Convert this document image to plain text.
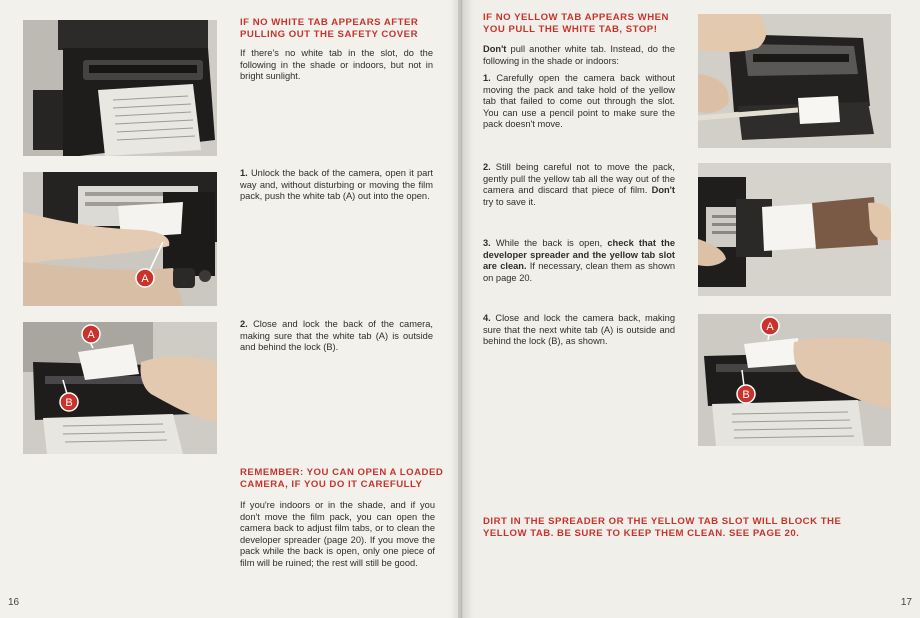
A
A
B
IF NO WHITE TAB APPEARS AFTER
PULLING OUT THE SAFETY COVER

If there's no white tab in the slot, do the following in the shade or indoors, but not in bright sunlight.

1. Unlock the back of the camera, open it part way and, without disturbing or moving the film pack, push the white tab (A) out into the open.

2. Close and lock the back of the camera, making sure that the white tab (A) is outside and behind the lock (B).

REMEMBER: YOU CAN OPEN A LOADED
CAMERA, IF YOU DO IT CAREFULLY

If you're indoors or in the shade, and if you don't move the film pack, you can open the camera back to adjust film tabs, or to clean the developer spreader (page 20). If you move the pack while the back is open, only one piece of film will be ruined; the rest will still be good.

16
IF NO YELLOW TAB APPEARS WHEN
YOU PULL THE WHITE TAB, STOP!

Don't pull another white tab. Instead, do the following in the shade or indoors:

1. Carefully open the camera back without moving the pack and take hold of the yellow tab that failed to come out through the slot. You can use a pencil point to make sure the pack doesn't move.

2. Still being careful not to move the pack, gently pull the yellow tab all the way out of the camera and discard that piece of film. Don't try to save it.

3. While the back is open, check that the developer spreader and the yellow tab slot are clean. If necessary, clean them as shown on page 20.

4. Close and lock the camera back, making sure that the next white tab (A) is outside and behind the lock (B), as shown.

DIRT IN THE SPREADER OR THE YELLOW TAB SLOT WILL BLOCK THE
YELLOW TAB. BE SURE TO KEEP THEM CLEAN. SEE PAGE 20.
A
B
17
